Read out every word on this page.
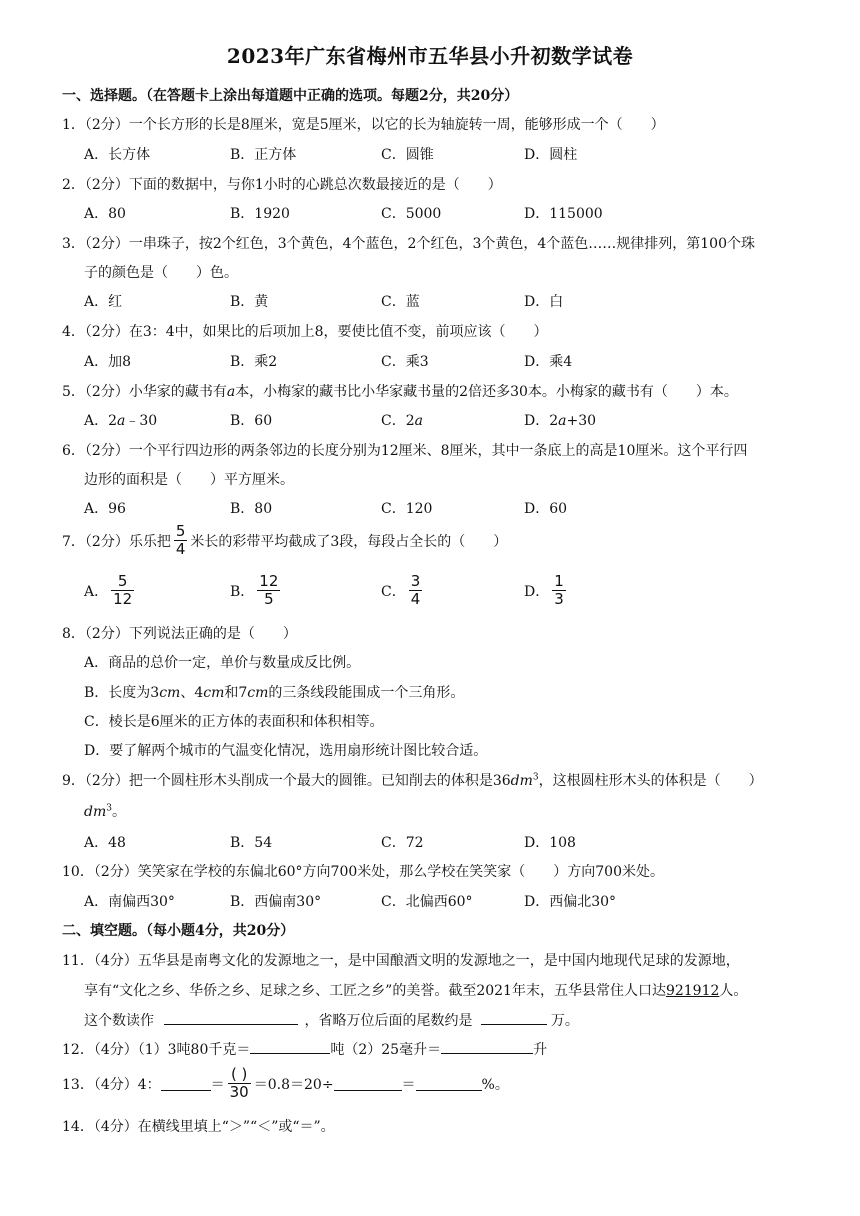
2023年广东省梅州市五华县小升初数学试卷
一、选择题。（在答题卡上涂出每道题中正确的选项。每题2分，共20分）
1．（2分）一个长方形的长是8厘米，宽是5厘米，以它的长为轴旋转一周，能够形成一个（　　）
A．长方体	B．正方体	C．圆锥	D．圆柱
2．（2分）下面的数据中，与你1小时的心跳总次数最接近的是（　　）
A．80	B．1920	C．5000	D．115000
3．（2分）一串珠子，按2个红色，3个黄色，4个蓝色，2个红色，3个黄色，4个蓝色……规律排列，第100个珠
子的颜色是（　　）色。
A．红	B．黄	C．蓝	D．白
4．（2分）在3：4中，如果比的后项加上8，要使比值不变，前项应该（　　）
A．加8	B．乘2	C．乘3	D．乘4
5．（2分）小华家的藏书有a本，小梅家的藏书比小华家藏书量的2倍还多30本。小梅家的藏书有（　　）本。
A．2a﹣30	B．60	C．2a	D．2a+30
6．（2分）一个平行四边形的两条邻边的长度分别为12厘米、8厘米，其中一条底上的高是10厘米。这个平行四
边形的面积是（　　）平方厘米。
A．96	B．80	C．120	D．60
7．（2分）乐乐把 $\frac{5}{4}$ 米长的彩带平均截成了3段，每段占全长的（　　）
A． $\frac{5}{12}$	B． $\frac{12}{5}$	C． $\frac{3}{4}$	D． $\frac{1}{3}$
8．（2分）下列说法正确的是（　　）
A．商品的总价一定，单价与数量成反比例。
B．长度为3cm、4cm和7cm的三条线段能围成一个三角形。
C．棱长是6厘米的正方体的表面积和体积相等。
D．要了解两个城市的气温变化情况，选用扇形统计图比较合适。
9．（2分）把一个圆柱形木头削成一个最大的圆锥。已知削去的体积是$36dm^3$，这根圆柱形木头的体积是（　　）
$dm^3$。
A．48	B．54	C．72	D．108
10．（2分）笑笑家在学校的东偏北60°方向700米处，那么学校在笑笑家（　　）方向700米处。
A．南偏西30°	B．西偏南30°	C．北偏西60°	D．西偏北30°
二、填空题。（每小题4分，共20分）
11．（4分）五华县是南粤文化的发源地之一，是中国酿酒文明的发源地之一，是中国内地现代足球的发源地，
享有“文化之乡、华侨之乡、足球之乡、工匠之乡”的美誉。截至2021年末，五华县常住人口达921912人。
这个数读作	，省略万位后面的尾数约是	万。
12．（4分）（1）3吨80千克＝	吨（2）25毫升＝	升
13．（4分）4：	＝ $\frac{( )}{30} =0.8=20\div$	＝	%。
14．（4分）在横线里填上“＞”“＜”或“＝”。
